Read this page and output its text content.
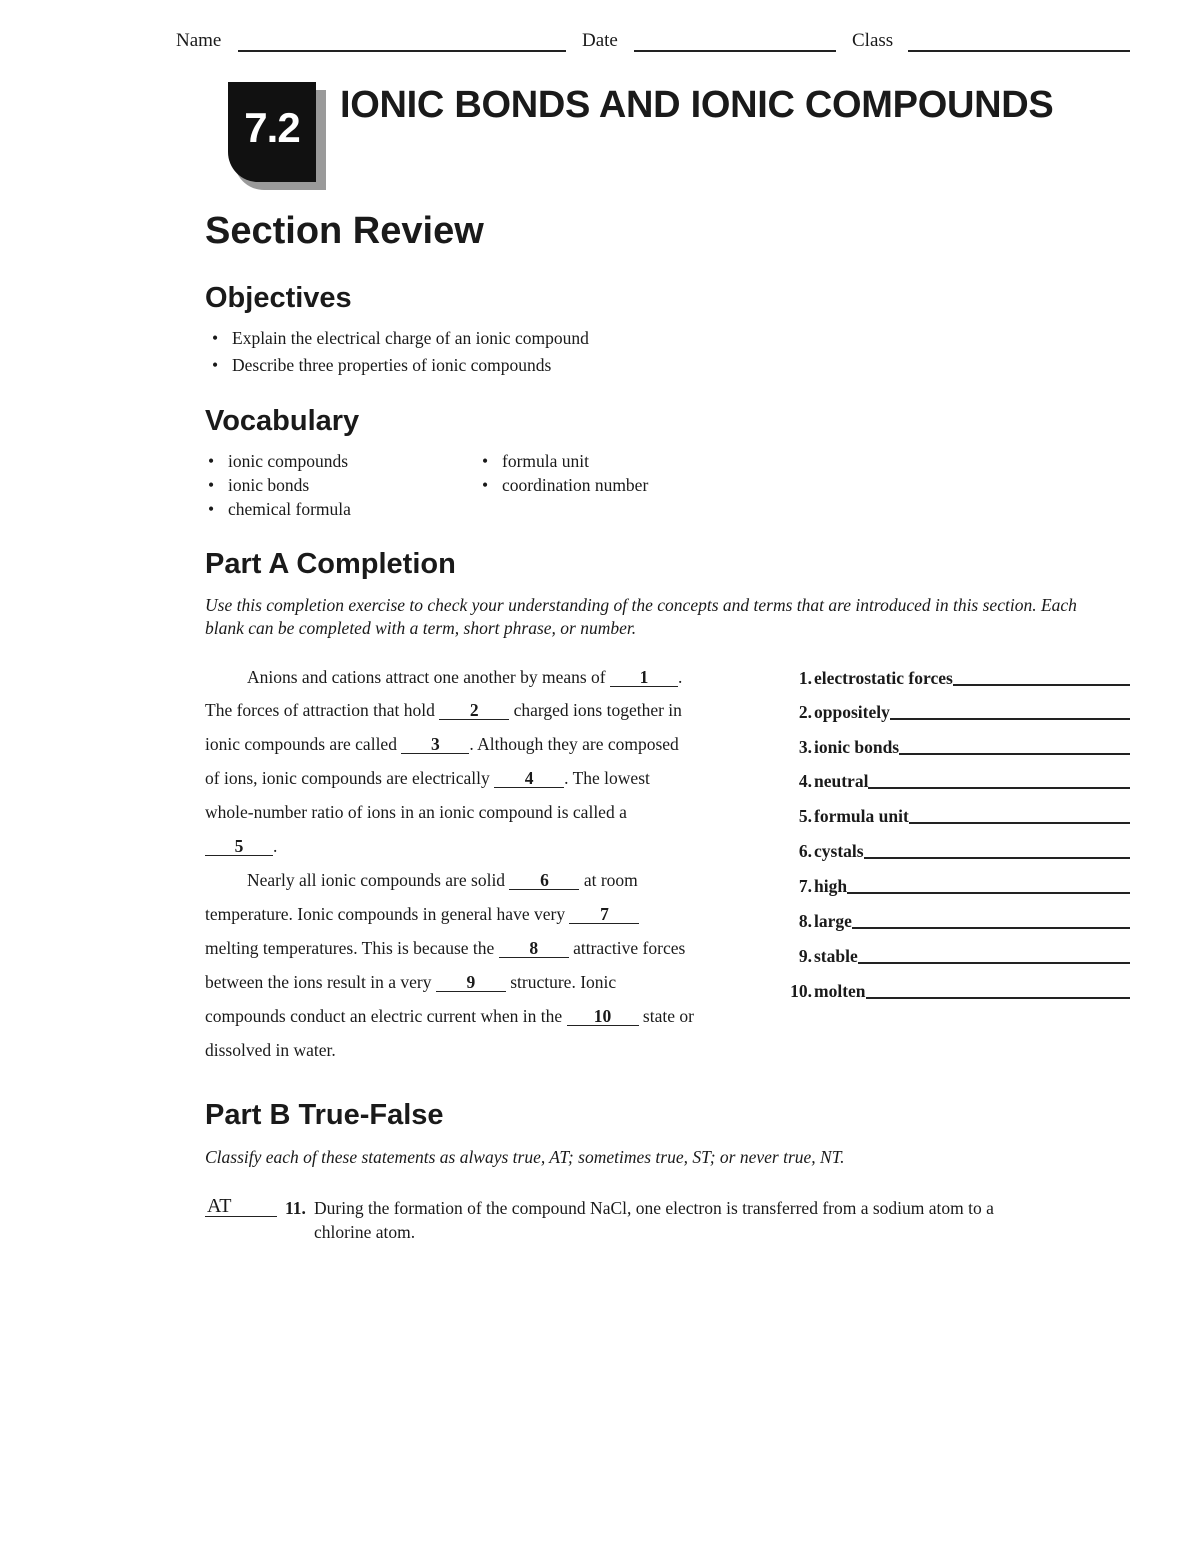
Name	Date	Class
7.2	IONIC BONDS AND IONIC COMPOUNDS
Section Review
Objectives
• Explain the electrical charge of an ionic compound
• Describe three properties of ionic compounds
Vocabulary
• ionic compounds
• ionic bonds
• chemical formula
• formula unit
• coordination number
Part A Completion
Use this completion exercise to check your understanding of the concepts and terms that are introduced in this section. Each blank can be completed with a term, short phrase, or number.
Anions and cations attract one another by means of 1 .
The forces of attraction that hold 2 charged ions together in
ionic compounds are called 3 . Although they are composed
of ions, ionic compounds are electrically 4 . The lowest
whole-number ratio of ions in an ionic compound is called a
5 .
Nearly all ionic compounds are solid 6 at room
temperature. Ionic compounds in general have very 7
melting temperatures. This is because the 8 attractive forces
between the ions result in a very 9 structure. Ionic
compounds conduct an electric current when in the 10 state or
dissolved in water.
1. electrostatic forces
2. oppositely
3. ionic bonds
4. neutral
5. formula unit
6. cystals
7. high
8. large
9. stable
10. molten
Part B True-False
Classify each of these statements as always true, AT; sometimes true, ST; or never true, NT.
AT	11. During the formation of the compound NaCl, one electron is transferred from a sodium atom to a
chlorine atom.
